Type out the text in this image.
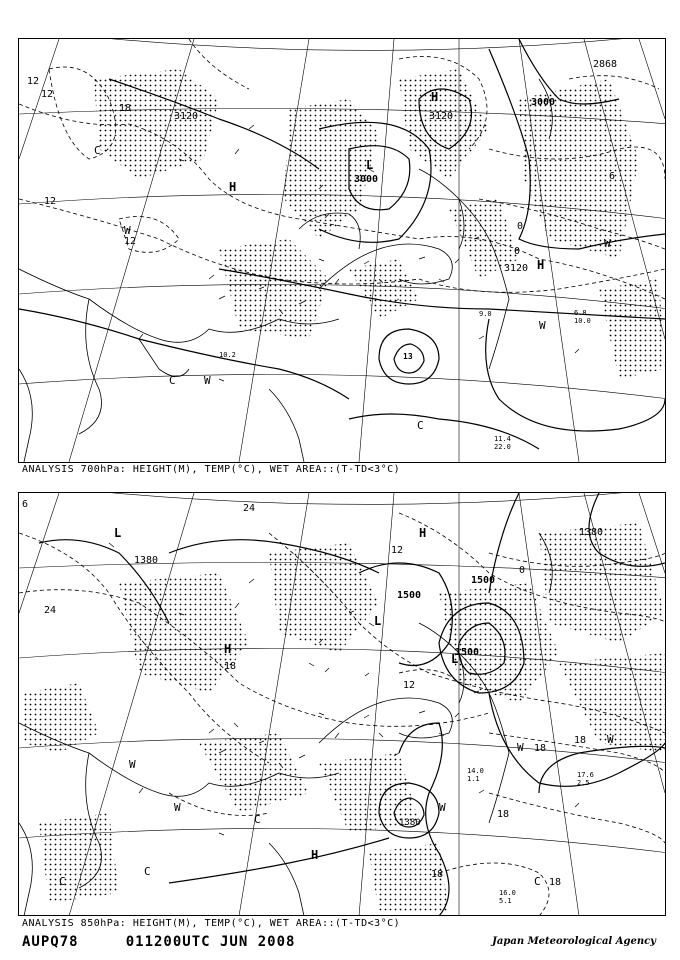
12
12
18
3120
12
12
H
3120
L
3000
3000
2868
6
0
0
3120
H
H
W
W
W
C
C	W
C
13
11.4
22.0
9.0
10.0
6.8
10.2
ANALYSIS 700hPa: HEIGHT(M), TEMP(°C), WET AREA::(T-TD<3°C)
6
L
1380
24
24
18
12
12
0
1500
1500
1500
1380
1380
L
L
H
H
H
W
W	W
W
W
C
C
C
C
18
18
18
18
18
14.0
1.1	17.6
2.5
16.0
5.1
ANALYSIS 850hPa: HEIGHT(M), TEMP(°C), WET AREA::(T-TD<3°C)
AUPQ78     011200UTC JUN 2008	Japan Meteorological Agency
